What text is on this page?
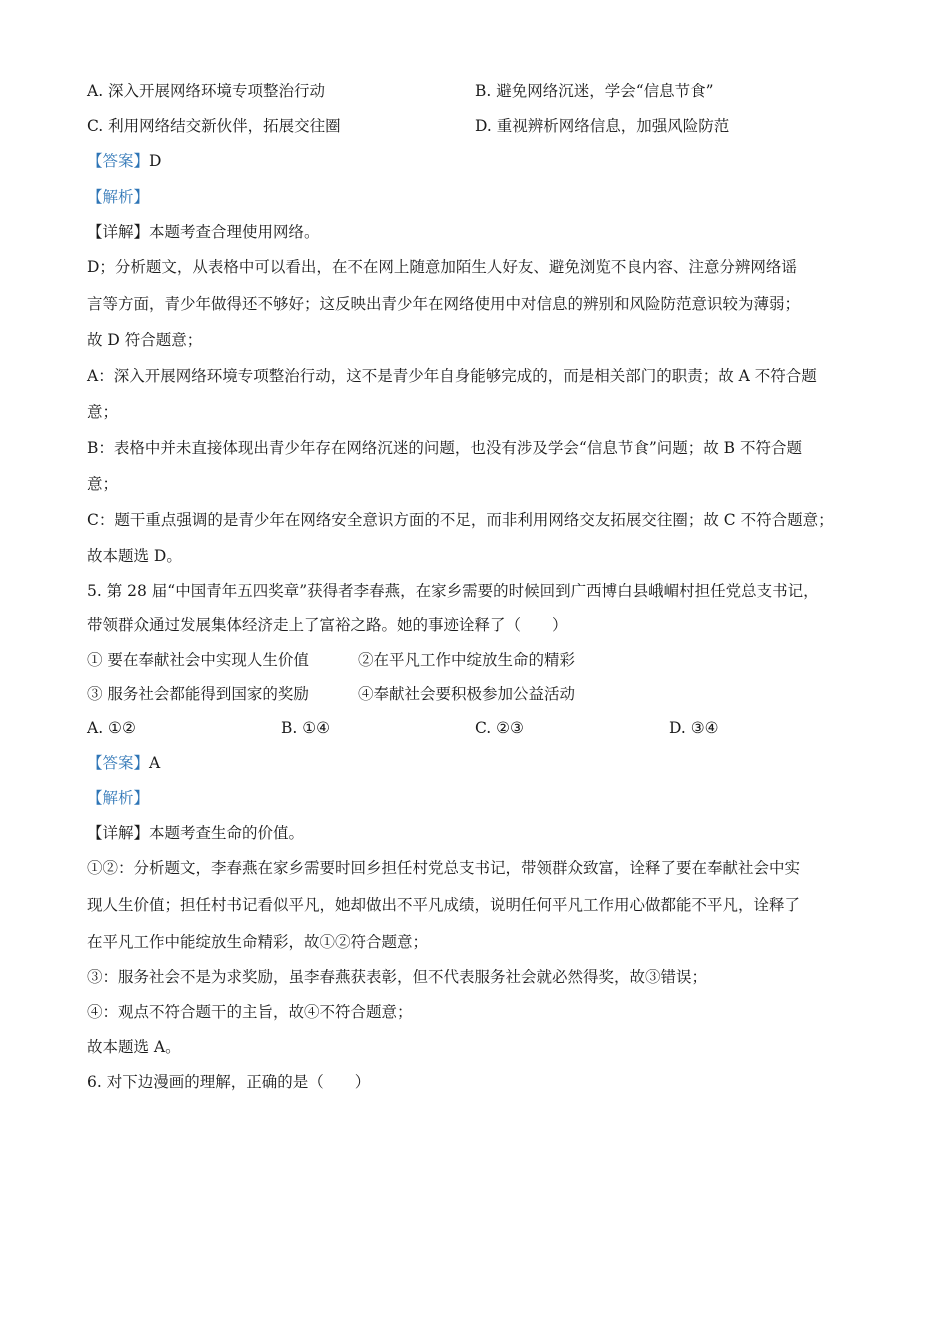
A. 深入开展网络环境专项整治行动	B. 避免网络沉迷，学会“信息节食”
C. 利用网络结交新伙伴，拓展交往圈	D. 重视辨析网络信息，加强风险防范
【答案】D
【解析】
【详解】本题考查合理使用网络。
D；分析题文，从表格中可以看出，在不在网上随意加陌生人好友、避免浏览不良内容、注意分辨网络谣
言等方面，青少年做得还不够好；这反映出青少年在网络使用中对信息的辨别和风险防范意识较为薄弱；
故 D 符合题意；
A：深入开展网络环境专项整治行动，这不是青少年自身能够完成的，而是相关部门的职责；故 A 不符合题
意；
B：表格中并未直接体现出青少年存在网络沉迷的问题，也没有涉及学会“信息节食”问题；故 B 不符合题
意；
C：题干重点强调的是青少年在网络安全意识方面的不足，而非利用网络交友拓展交往圈；故 C 不符合题意；
故本题选 D。
5. 第 28 届“中国青年五四奖章”获得者李春燕，在家乡需要的时候回到广西博白县峨嵋村担任党总支书记，
带领群众通过发展集体经济走上了富裕之路。她的事迹诠释了（　　）
① 要在奉献社会中实现人生价值	②在平凡工作中绽放生命的精彩
③ 服务社会都能得到国家的奖励	④奉献社会要积极参加公益活动
A. ①②	B. ①④	C. ②③	D. ③④
【答案】A
【解析】
【详解】本题考查生命的价值。
①②：分析题文，李春燕在家乡需要时回乡担任村党总支书记，带领群众致富，诠释了要在奉献社会中实
现人生价值；担任村书记看似平凡，她却做出不平凡成绩，说明任何平凡工作用心做都能不平凡，诠释了
在平凡工作中能绽放生命精彩，故①②符合题意；
③：服务社会不是为求奖励，虽李春燕获表彰，但不代表服务社会就必然得奖，故③错误；
④：观点不符合题干的主旨，故④不符合题意；
故本题选 A。
6. 对下边漫画的理解，正确的是（　　）
